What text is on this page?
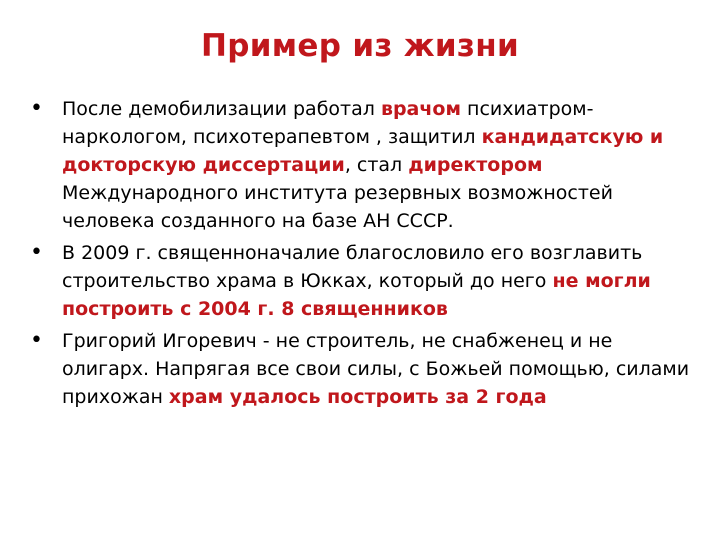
Пример из жизни
•	После демобилизации работал врачом психиатром-наркологом, психотерапевтом , защитил кандидатскую и докторскую диссертации, стал директором Международного института резервных возможностей человека созданного на базе АН СССР.
•	В 2009 г. священноначалие благословило его возглавить строительство храма в Юкках, который до него не могли построить с 2004 г. 8 священников
•	Григорий Игоревич - не строитель, не снабженец и не олигарх. Напрягая все свои силы, с Божьей помощью, силами прихожан храм удалось построить за 2 года
